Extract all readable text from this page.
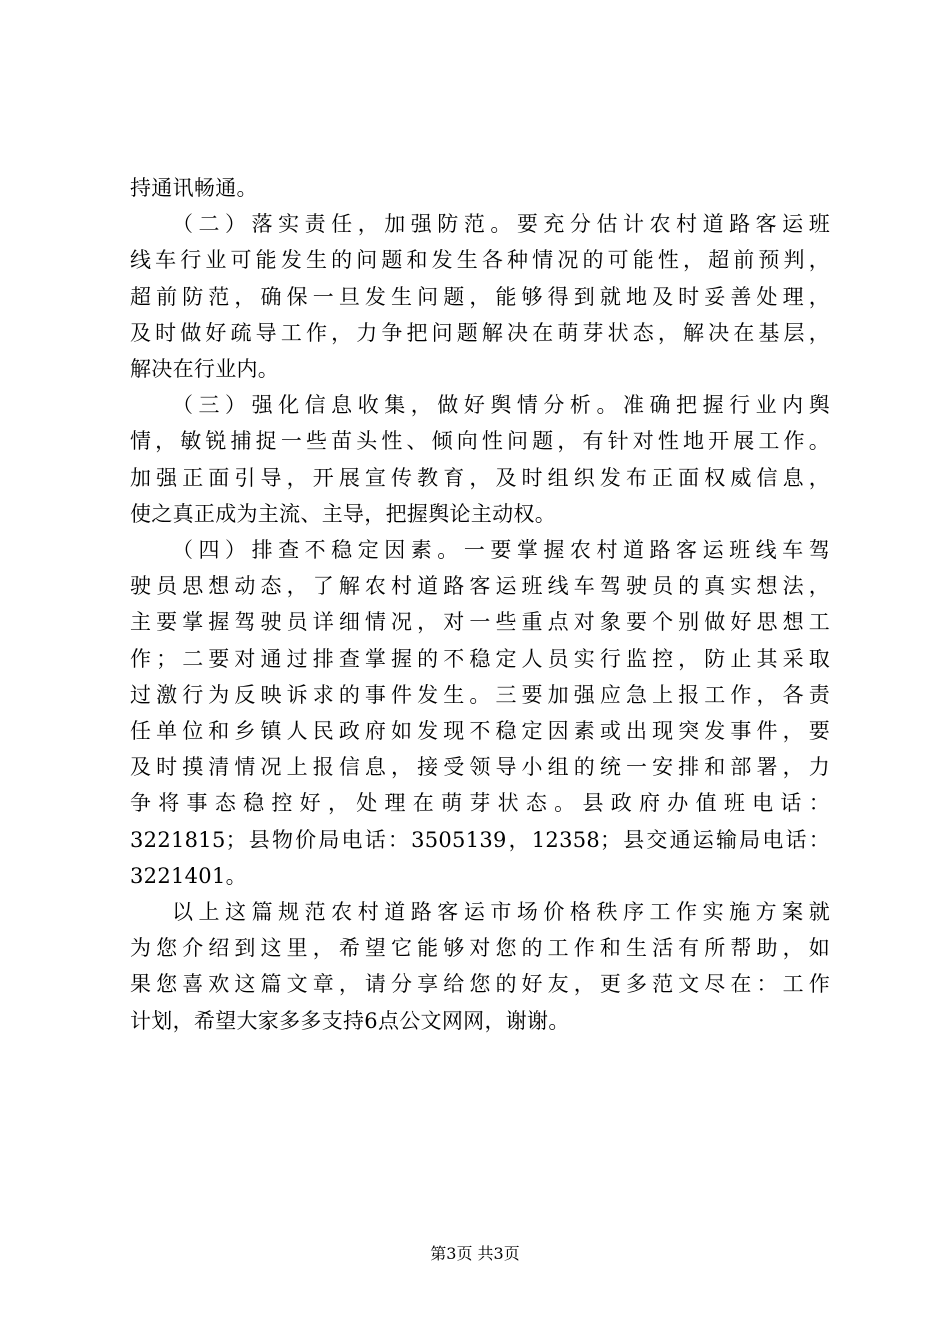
持通讯畅通。

（二）落实责任，加强防范。要充分估计农村道路客运班
线车行业可能发生的问题和发生各种情况的可能性，超前预判，
超前防范，确保一旦发生问题，能够得到就地及时妥善处理，
及时做好疏导工作，力争把问题解决在萌芽状态，解决在基层，
解决在行业内。

（三）强化信息收集，做好舆情分析。准确把握行业内舆
情，敏锐捕捉一些苗头性、倾向性问题，有针对性地开展工作。
加强正面引导，开展宣传教育，及时组织发布正面权威信息，
使之真正成为主流、主导，把握舆论主动权。

（四）排查不稳定因素。一要掌握农村道路客运班线车驾
驶员思想动态，了解农村道路客运班线车驾驶员的真实想法，
主要掌握驾驶员详细情况，对一些重点对象要个别做好思想工
作；二要对通过排查掌握的不稳定人员实行监控，防止其采取
过激行为反映诉求的事件发生。三要加强应急上报工作，各责
任单位和乡镇人民政府如发现不稳定因素或出现突发事件，要
及时摸清情况上报信息，接受领导小组的统一安排和部署，力
争将事态稳控好，处理在萌芽状态。县政府办值班电话：
3221815；县物价局电话：3505139，12358；县交通运输局电话：
3221401。

以上这篇规范农村道路客运市场价格秩序工作实施方案就
为您介绍到这里，希望它能够对您的工作和生活有所帮助，如
果您喜欢这篇文章，请分享给您的好友，更多范文尽在：工作
计划，希望大家多多支持6点公文网网，谢谢。

第3页 共3页
